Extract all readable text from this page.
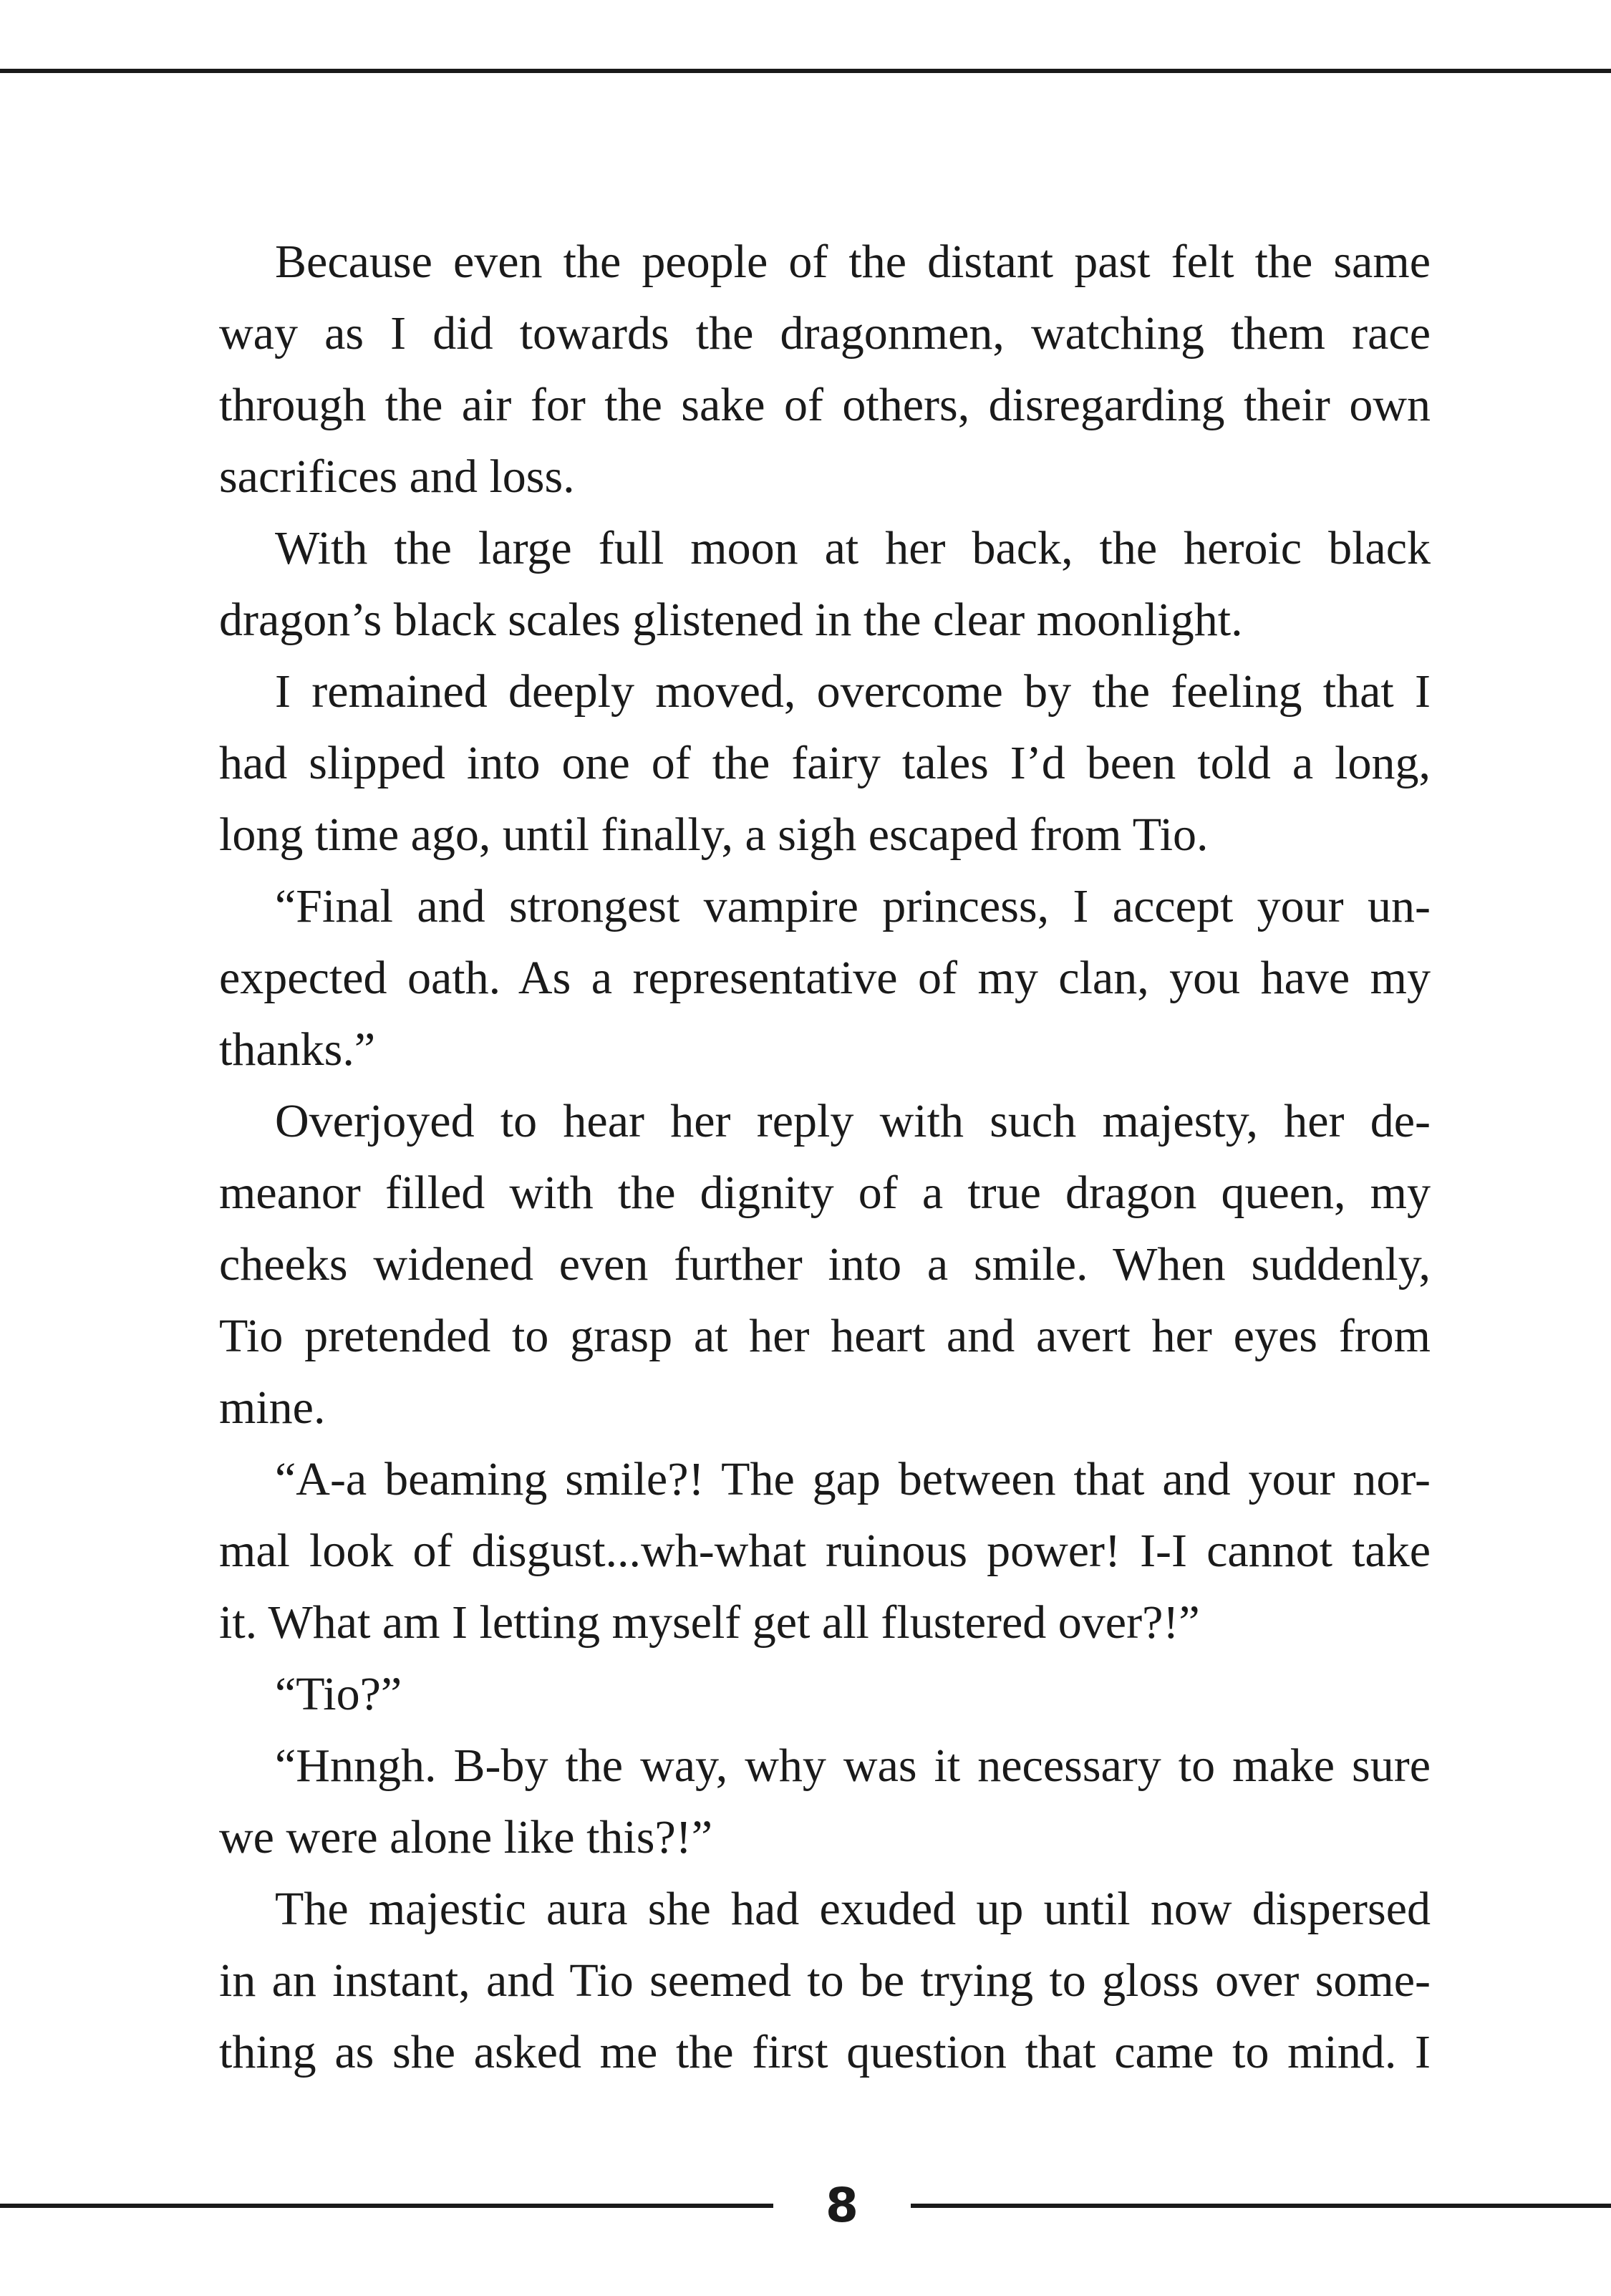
Because even the people of the distant past felt the same
way as I did towards the dragonmen, watching them race
through the air for the sake of others, disregarding their own
sacrifices and loss.
With the large full moon at her back, the heroic black
dragon’s black scales glistened in the clear moonlight.
I remained deeply moved, overcome by the feeling that I
had slipped into one of the fairy tales I’d been told a long,
long time ago, until finally, a sigh escaped from Tio.
“Final and strongest vampire princess, I accept your un-
expected oath. As a representative of my clan, you have my
thanks.”
Overjoyed to hear her reply with such majesty, her de-
meanor filled with the dignity of a true dragon queen, my
cheeks widened even further into a smile. When suddenly,
Tio pretended to grasp at her heart and avert her eyes from
mine.
“A-a beaming smile?! The gap between that and your nor-
mal look of disgust...wh-what ruinous power! I-I cannot take
it. What am I letting myself get all flustered over?!”
“Tio?”
“Hnngh. B-by the way, why was it necessary to make sure
we were alone like this?!”
The majestic aura she had exuded up until now dispersed
in an instant, and Tio seemed to be trying to gloss over some-
thing as she asked me the first question that came to mind. I
8
